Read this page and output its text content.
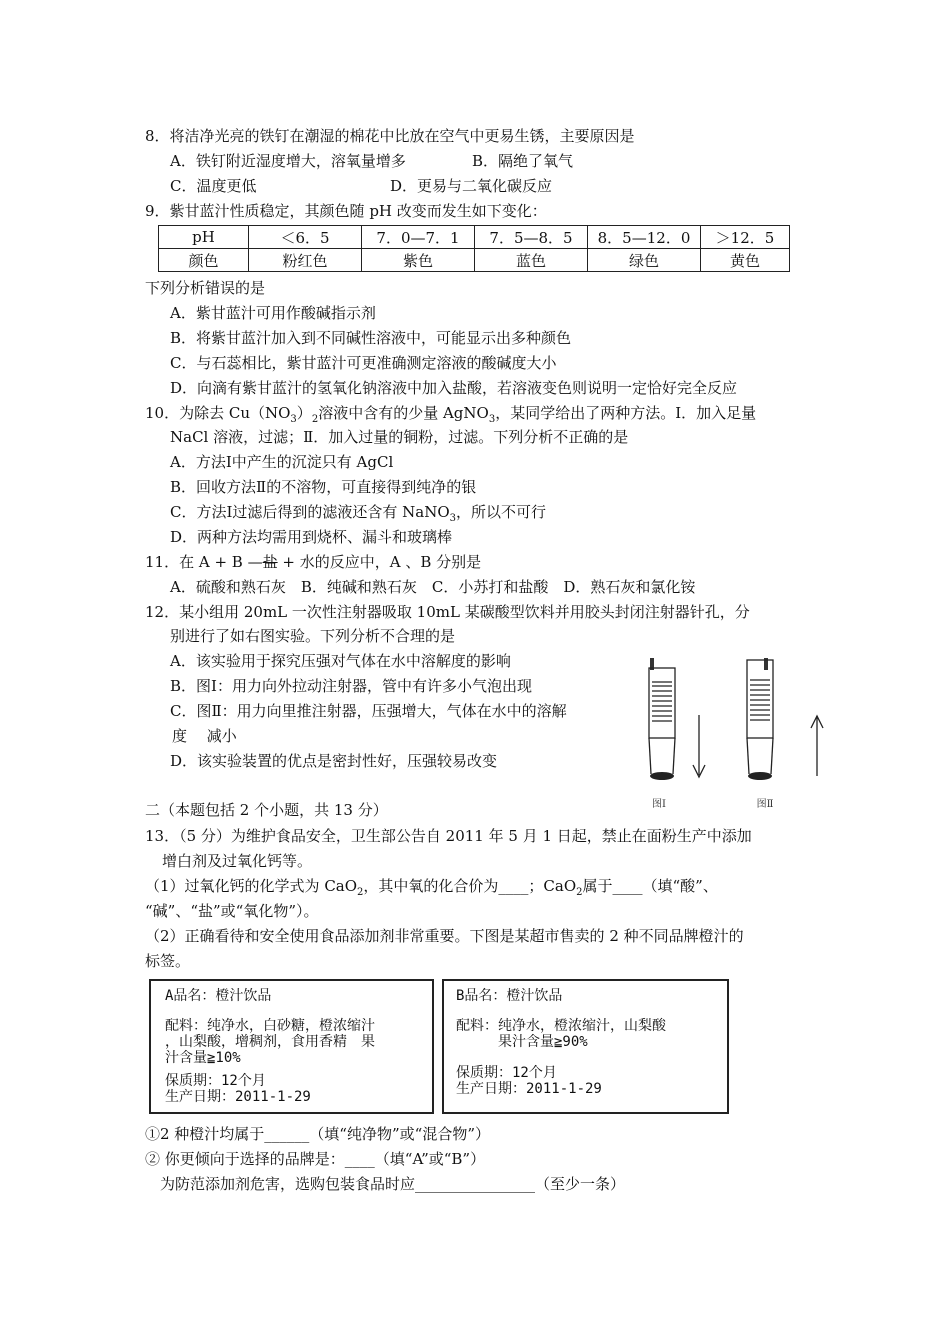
8．将洁净光亮的铁钉在潮湿的棉花中比放在空气中更易生锈，主要原因是
A．铁钉附近湿度增大，溶氧量增多	B．隔绝了氧气
C．温度更低	D．更易与二氧化碳反应
9．紫甘蓝汁性质稳定，其颜色随 pH 改变而发生如下变化：
pH	＜6．5	7．0—7．1	7．5—8．5	8．5—12．0	＞12．5
颜色	粉红色	紫色	蓝色	绿色	黄色
下列分析错误的是
A．紫甘蓝汁可用作酸碱指示剂
B．将紫甘蓝汁加入到不同碱性溶液中，可能显示出多种颜色
C．与石蕊相比，紫甘蓝汁可更准确测定溶液的酸碱度大小
D．向滴有紫甘蓝汁的氢氧化钠溶液中加入盐酸，若溶液变色则说明一定恰好完全反应
10．为除去 $Cu(NO_3)_2$溶液中含有的少量 AgNO$_3$，某同学给出了两种方法。Ⅰ．加入足量
NaCl 溶液，过滤；Ⅱ．加入过量的铜粉，过滤。下列分析不正确的是
A．方法Ⅰ中产生的沉淀只有 AgCl
B．回收方法Ⅱ的不溶物，可直接得到纯净的银
C．方法Ⅰ过滤后得到的滤液还含有 NaNO$_3$，所以不可行
D．两种方法均需用到烧杯、漏斗和玻璃棒
11．在 A + B —盐 + 水的反应中，A 、B 分别是
A．硫酸和熟石灰　B．纯碱和熟石灰　C．小苏打和盐酸　D．熟石灰和氯化铵
12．某小组用 20mL 一次性注射器吸取 10mL 某碳酸型饮料并用胶头封闭注射器针孔，分
别进行了如右图实验。下列分析不合理的是
A．该实验用于探究压强对气体在水中溶解度的影响
B．图Ⅰ：用力向外拉动注射器，管中有许多小气泡出现
C．图Ⅱ：用力向里推注射器，压强增大，气体在水中的溶解
度　 减小
D．该实验装置的优点是密封性好，压强较易改变
图Ⅰ	图Ⅱ
二（本题包括 2 个小题，共 13 分）
13．（5 分）为维护食品安全，卫生部公告自 2011 年 5 月 1 日起，禁止在面粉生产中添加
增白剂及过氧化钙等。
（1）过氧化钙的化学式为 CaO$_2$，其中氧的化合价为____；CaO$_2$属于____（填“酸”、
“碱”、“盐”或“氧化物”）。
（2）正确看待和安全使用食品添加剂非常重要。下图是某超市售卖的 2 种不同品牌橙汁的
标签。
A品名：橙汁饮品
配料：纯净水，白砂糖，橙浓缩汁
，山梨酸，增稠剂，食用香精　果
汁含量≧10%
保质期：12个月
生产日期：2011-1-29
B品名：橙汁饮品
配料：纯净水，橙浓缩汁，山梨酸
　　　果汁含量≧90%
保质期：12个月
生产日期：2011-1-29
①2 种橙汁均属于______（填“纯净物”或“混合物”）
② 你更倾向于选择的品牌是：____（填“A”或“B”）
　为防范添加剂危害，选购包装食品时应________________（至少一条）
